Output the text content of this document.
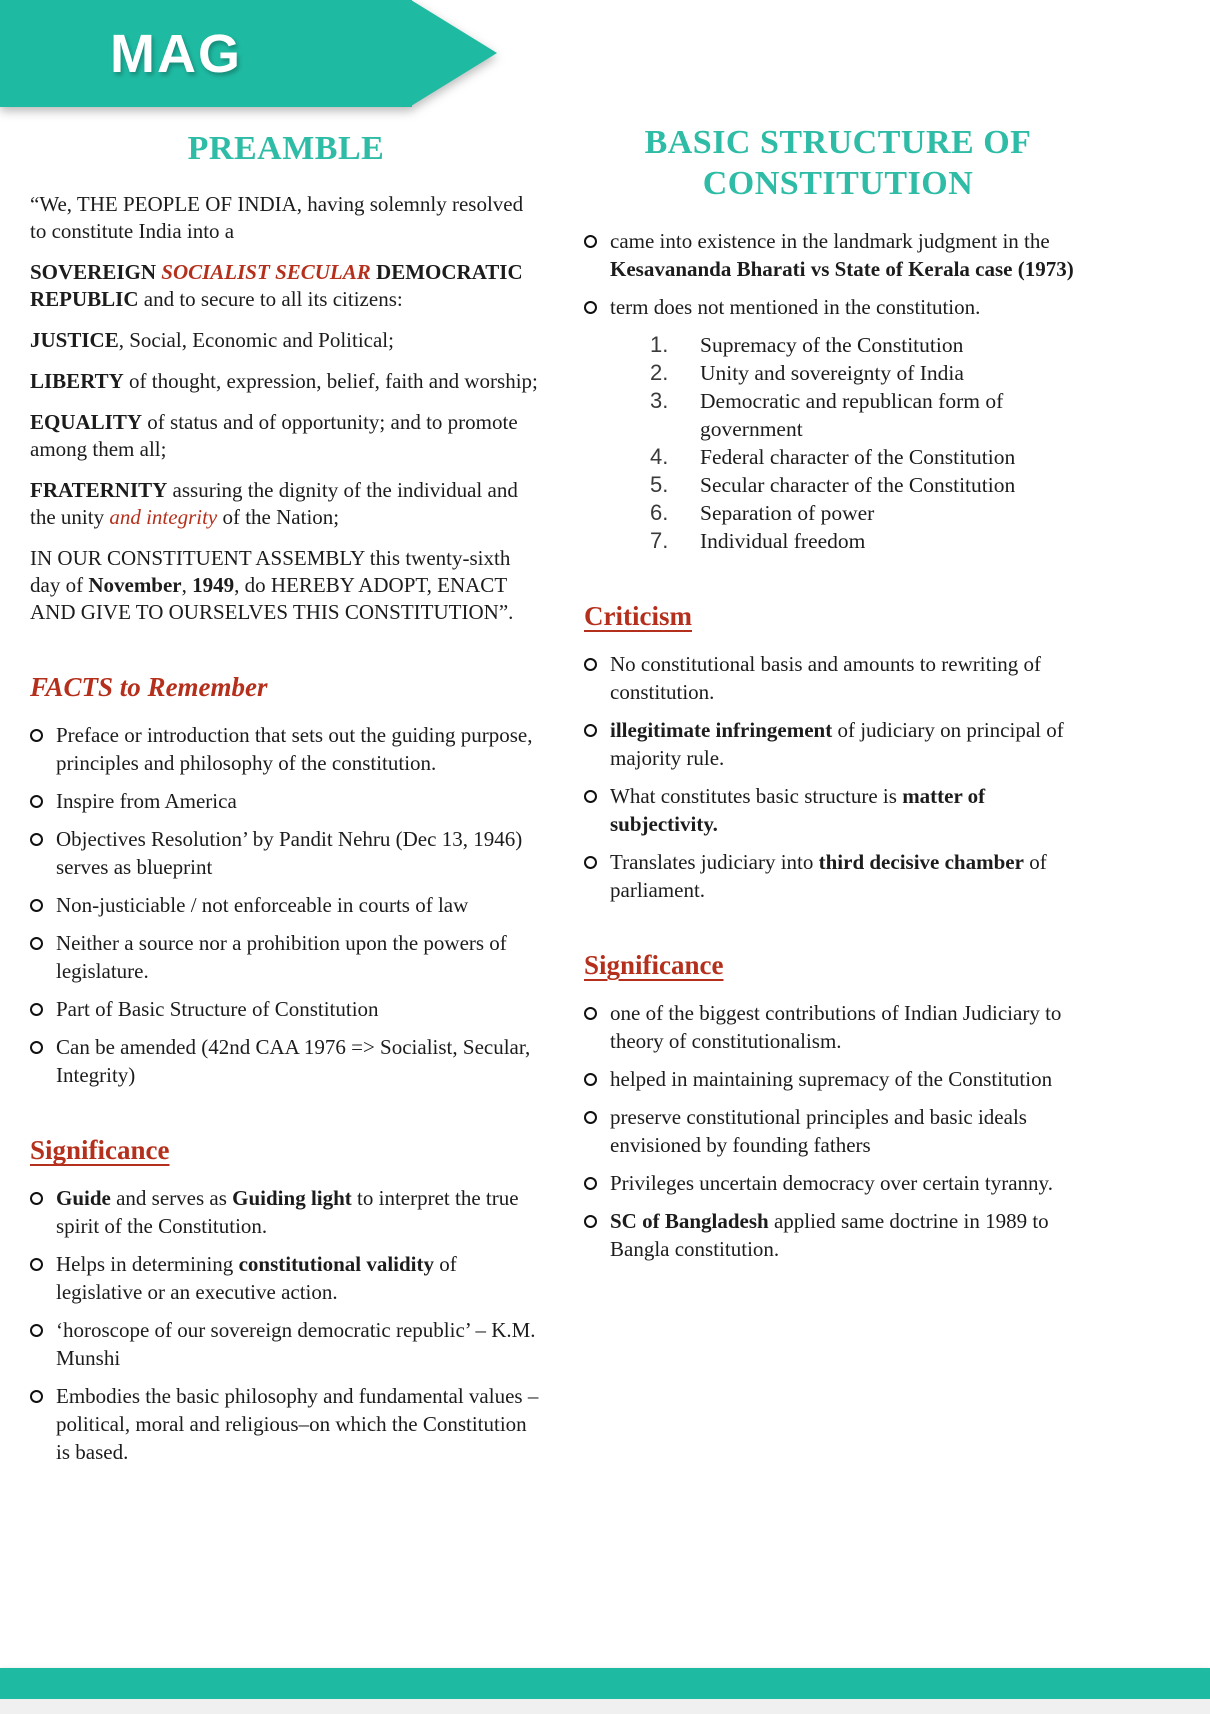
MAG
PREAMBLE

“We, THE PEOPLE OF INDIA, having solemnly resolved to constitute India into a

SOVEREIGN SOCIALIST SECULAR DEMOCRATIC REPUBLIC and to secure to all its citizens:

JUSTICE, Social, Economic and Political;

LIBERTY of thought, expression, belief, faith and worship;

EQUALITY of status and of opportunity; and to promote among them all;

FRATERNITY assuring the dignity of the individual and the unity and integrity of the Nation;

IN OUR CONSTITUENT ASSEMBLY this twenty-sixth day of November, 1949, do HEREBY ADOPT, ENACT AND GIVE TO OURSELVES THIS CONSTITUTION”.

FACTS to Remember
Preface or introduction that sets out the guiding purpose, principles and philosophy of the constitution.
Inspire from America
Objectives Resolution’ by Pandit Nehru (Dec 13, 1946) serves as blueprint
Non-justiciable / not enforceable in courts of law
Neither a source nor a prohibition upon the powers of legislature.
Part of Basic Structure of Constitution
Can be amended (42nd CAA 1976 => Socialist, Secular, Integrity)
Significance
Guide and serves as Guiding light to interpret the true spirit of the Constitution.
Helps in determining constitutional validity of legislative or an executive action.
‘horoscope of our sovereign democratic republic’ – K.M. Munshi
Embodies the basic philosophy and fundamental values – political, moral and religious–on which the Constitution is based.
BASIC STRUCTURE OF CONSTITUTION
came into existence in the landmark judgment in the Kesavananda Bharati vs State of Kerala case (1973)
term does not mentioned in the constitution.
1.	Supremacy of the Constitution
2.	Unity and sovereignty of India
3.	Democratic and republican form of government
4.	Federal character of the Constitution
5.	Secular character of the Constitution
6.	Separation of power
7.	Individual freedom
Criticism
No constitutional basis and amounts to rewriting of constitution.
illegitimate infringement of judiciary on principal of majority rule.
What constitutes basic structure is matter of subjectivity.
Translates judiciary into third decisive chamber of parliament.
Significance
one of the biggest contributions of Indian Judiciary to theory of constitutionalism.
helped in maintaining supremacy of the Constitution
preserve constitutional principles and basic ideals envisioned by founding fathers
Privileges uncertain democracy over certain tyranny.
SC of Bangladesh applied same doctrine in 1989 to Bangla constitution.
